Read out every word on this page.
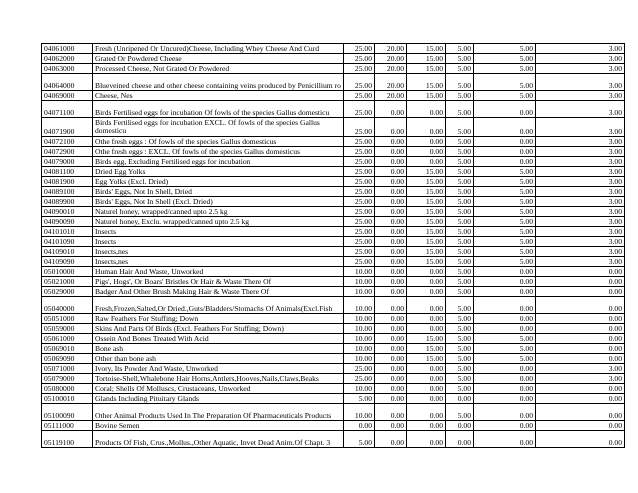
04061000	Fresh (Unripened Or Uncured)Cheese, Including Whey Cheese And Curd	25.00	20.00	15.00	5.00	5.00	3.00
04062000	Grated Or Powdered Cheese	25.00	20.00	15.00	5.00	5.00	3.00
04063000	Processed Cheese, Not Grated Or Powdered	25.00	20.00	15.00	5.00	5.00	3.00
04064000	Blueveined cheese and other cheese containing veins produced by Penicillium ro	25.00	20.00	15.00	5.00	5.00	3.00
04069000	Cheese, Nes	25.00	20.00	15.00	5.00	5.00	3.00
04071100	Birds Fertilised eggs for incubation Of fowls of the species Gallus domesticu	25.00	0.00	0.00	5.00	0.00	3.00
04071900	Birds Fertilised eggs for incubation EXCL. Of fowls of the species Gallus domesticu	25.00	0.00	0.00	5.00	0.00	3.00
04072100	Othe fresh eggs : Of fowls of the species Gallus domesticus	25.00	0.00	0.00	5.00	0.00	3.00
04072900	Othe fresh eggs : EXCL. Of fowls of the species Gallus domesticus	25.00	0.00	0.00	5.00	0.00	3.00
04079000	Birds egg, Excluding Fertilised eggs for incubation	25.00	0.00	0.00	5.00	0.00	3.00
04081100	Dried Egg Yolks	25.00	0.00	15.00	5.00	5.00	3.00
04081900	Egg Yolks (Excl. Dried)	25.00	0.00	15.00	5.00	5.00	3.00
04089100	Birds' Eggs, Not In Shell, Dried	25.00	0.00	15.00	5.00	5.00	3.00
04089900	Birds' Eggs, Not In Shell (Excl. Dried)	25.00	0.00	15.00	5.00	5.00	3.00
04090010	Naturel honey, wrapped/canned upto 2.5 kg	25.00	0.00	15.00	5.00	5.00	3.00
04090090	Naturel honey, Exclu. wrapped/canned upto 2.5 kg	25.00	0.00	15.00	5.00	5.00	3.00
04101010	Insects	25.00	0.00	15.00	5.00	5.00	3.00
04101090	Insects	25.00	0.00	15.00	5.00	5.00	3.00
04109010	Insects,nes	25.00	0.00	15.00	5.00	5.00	3.00
04109090	Insects,nes	25.00	0.00	15.00	5.00	5.00	3.00
05010000	Human Hair And Waste, Unworked	10.00	0.00	0.00	5.00	0.00	0.00
05021000	Pigs', Hogs', Or Boars' Bristles Or Hair & Waste There Of	10.00	0.00	0.00	5.00	0.00	0.00
05029000	Badger And Other Brush Making Hair & Waste There Of	10.00	0.00	0.00	5.00	0.00	0.00
05040000	Fresh,Frozen,Salted,Or Dried.,Guts/Bladders/Stomachs Of Animals(Excl.Fish	10.00	0.00	0.00	5.00	0.00	0.00
05051000	Raw Feathers For Stuffing; Down	10.00	0.00	0.00	5.00	0.00	0.00
05059000	Skins And Parts Of Birds (Excl. Feathers For Stuffing; Down)	10.00	0.00	0.00	5.00	0.00	0.00
05061000	Ossein And Bones Treated With Acid	10.00	0.00	15.00	5.00	5.00	0.00
05069010	Bone ash	10.00	0.00	15.00	5.00	5.00	0.00
05069090	Other than bone ash	10.00	0.00	15.00	5.00	5.00	0.00
05071000	Ivory, Its Powder And Waste, Unworked	25.00	0.00	0.00	5.00	0.00	3.00
05079000	Tortoise-Shell,Whalebone Hair Horns,Antlers,Hooves,Nails,Claws,Beaks	25.00	0.00	0.00	5.00	0.00	3.00
05080000	Coral; Shells Of Molluscs, Crustaceans, Unworked	10.00	0.00	0.00	5.00	0.00	0.00
05100010	Glands Including Pituitary Glands	5.00	0.00	0.00	0.00	0.00	0.00
05100090	Other Animal Products Used In The Preparation Of Pharmaceuticals Products	10.00	0.00	0.00	5.00	0.00	0.00
05111000	Bovine Semen	0.00	0.00	0.00	0.00	0.00	0.00
05119100	Products Of Fish, Crus.,Mollus.,Other Aquatic, Invet Dead Anim.Of Chapt. 3	5.00	0.00	0.00	0.00	0.00	0.00
